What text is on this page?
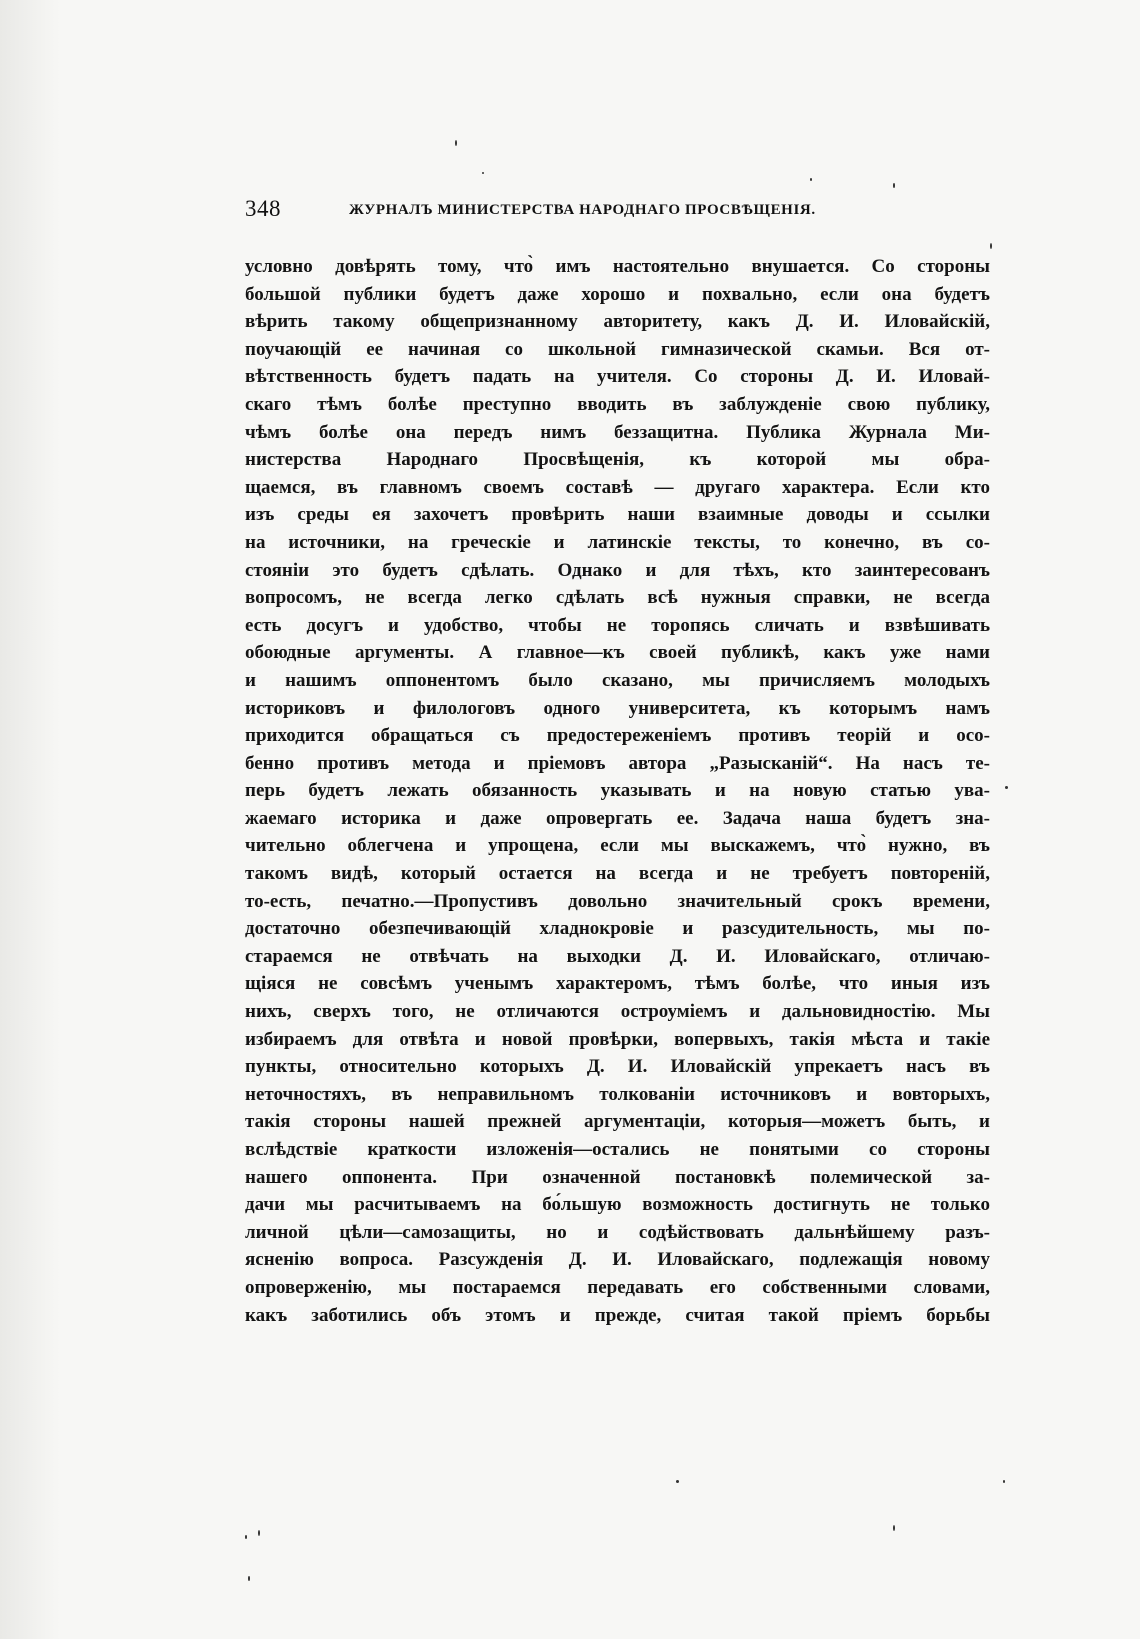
348	ЖУРНАЛЪ МИНИСТЕРСТВА НАРОДНАГО ПРОСВѢЩЕНІЯ.
условно довѣрять тому, что̀ имъ настоятельно внушается. Со стороны
большой публики будетъ даже хорошо и похвально, если она будетъ
вѣрить такому общепризнанному авторитету, какъ Д. И. Иловайскій,
поучающій ее начиная со школьной гимназической скамьи. Вся от-
вѣтственность будетъ падать на учителя. Со стороны Д. И. Иловай-
скаго тѣмъ болѣе преступно вводить въ заблужденіе свою публику,
чѣмъ болѣе она передъ нимъ беззащитна. Публика Журнала Ми-
нистерства Народнаго Просвѣщенія, къ которой мы обра-
щаемся, въ главномъ своемъ составѣ — другаго характера. Если кто
изъ среды ея захочетъ провѣрить наши взаимные доводы и ссылки
на источники, на греческіе и латинскіе тексты, то конечно, въ со-
стояніи это будетъ сдѣлать. Однако и для тѣхъ, кто заинтересованъ
вопросомъ, не всегда легко сдѣлать всѣ нужныя справки, не всегда
есть досугъ и удобство, чтобы не торопясь сличать и взвѣшивать
обоюдные аргументы. А главное—къ своей публикѣ, какъ уже нами
и нашимъ оппонентомъ было сказано, мы причисляемъ молодыхъ
историковъ и филологовъ одного университета, къ которымъ намъ
приходится обращаться съ предостереженіемъ противъ теорій и осо-
бенно противъ метода и пріемовъ автора „Разысканій“. На насъ те-
перь будетъ лежать обязанность указывать и на новую статью ува-
жаемаго историка и даже опровергать ее. Задача наша будетъ зна-
чительно облегчена и упрощена, если мы выскажемъ, что̀ нужно, въ
такомъ видѣ, который остается на всегда и не требуетъ повтореній,
то-есть, печатно.—Пропустивъ довольно значительный срокъ времени,
достаточно обезпечивающій хладнокровіе и разсудительность, мы по-
стараемся не отвѣчать на выходки Д. И. Иловайскаго, отличаю-
щіяся не совсѣмъ ученымъ характеромъ, тѣмъ болѣе, что иныя изъ
нихъ, сверхъ того, не отличаются остроуміемъ и дальновидностію. Мы
избираемъ для отвѣта и новой провѣрки, вопервыхъ, такія мѣста и такіе
пункты, относительно которыхъ Д. И. Иловайскій упрекаетъ насъ въ
неточностяхъ, въ неправильномъ толкованіи источниковъ и вовторыхъ,
такія стороны нашей прежней аргументаціи, которыя—можетъ быть, и
вслѣдствіе краткости изложенія—остались не понятыми со стороны
нашего оппонента. При означенной постановкѣ полемической за-
дачи мы расчитываемъ на бо́льшую возможность достигнуть не только
личной цѣли—самозащиты, но и содѣйствовать дальнѣйшему разъ-
ясненію вопроса. Разсужденія Д. И. Иловайскаго, подлежащія новому
опроверженію, мы постараемся передавать его собственными словами,
какъ заботились объ этомъ и прежде, считая такой пріемъ борьбы
